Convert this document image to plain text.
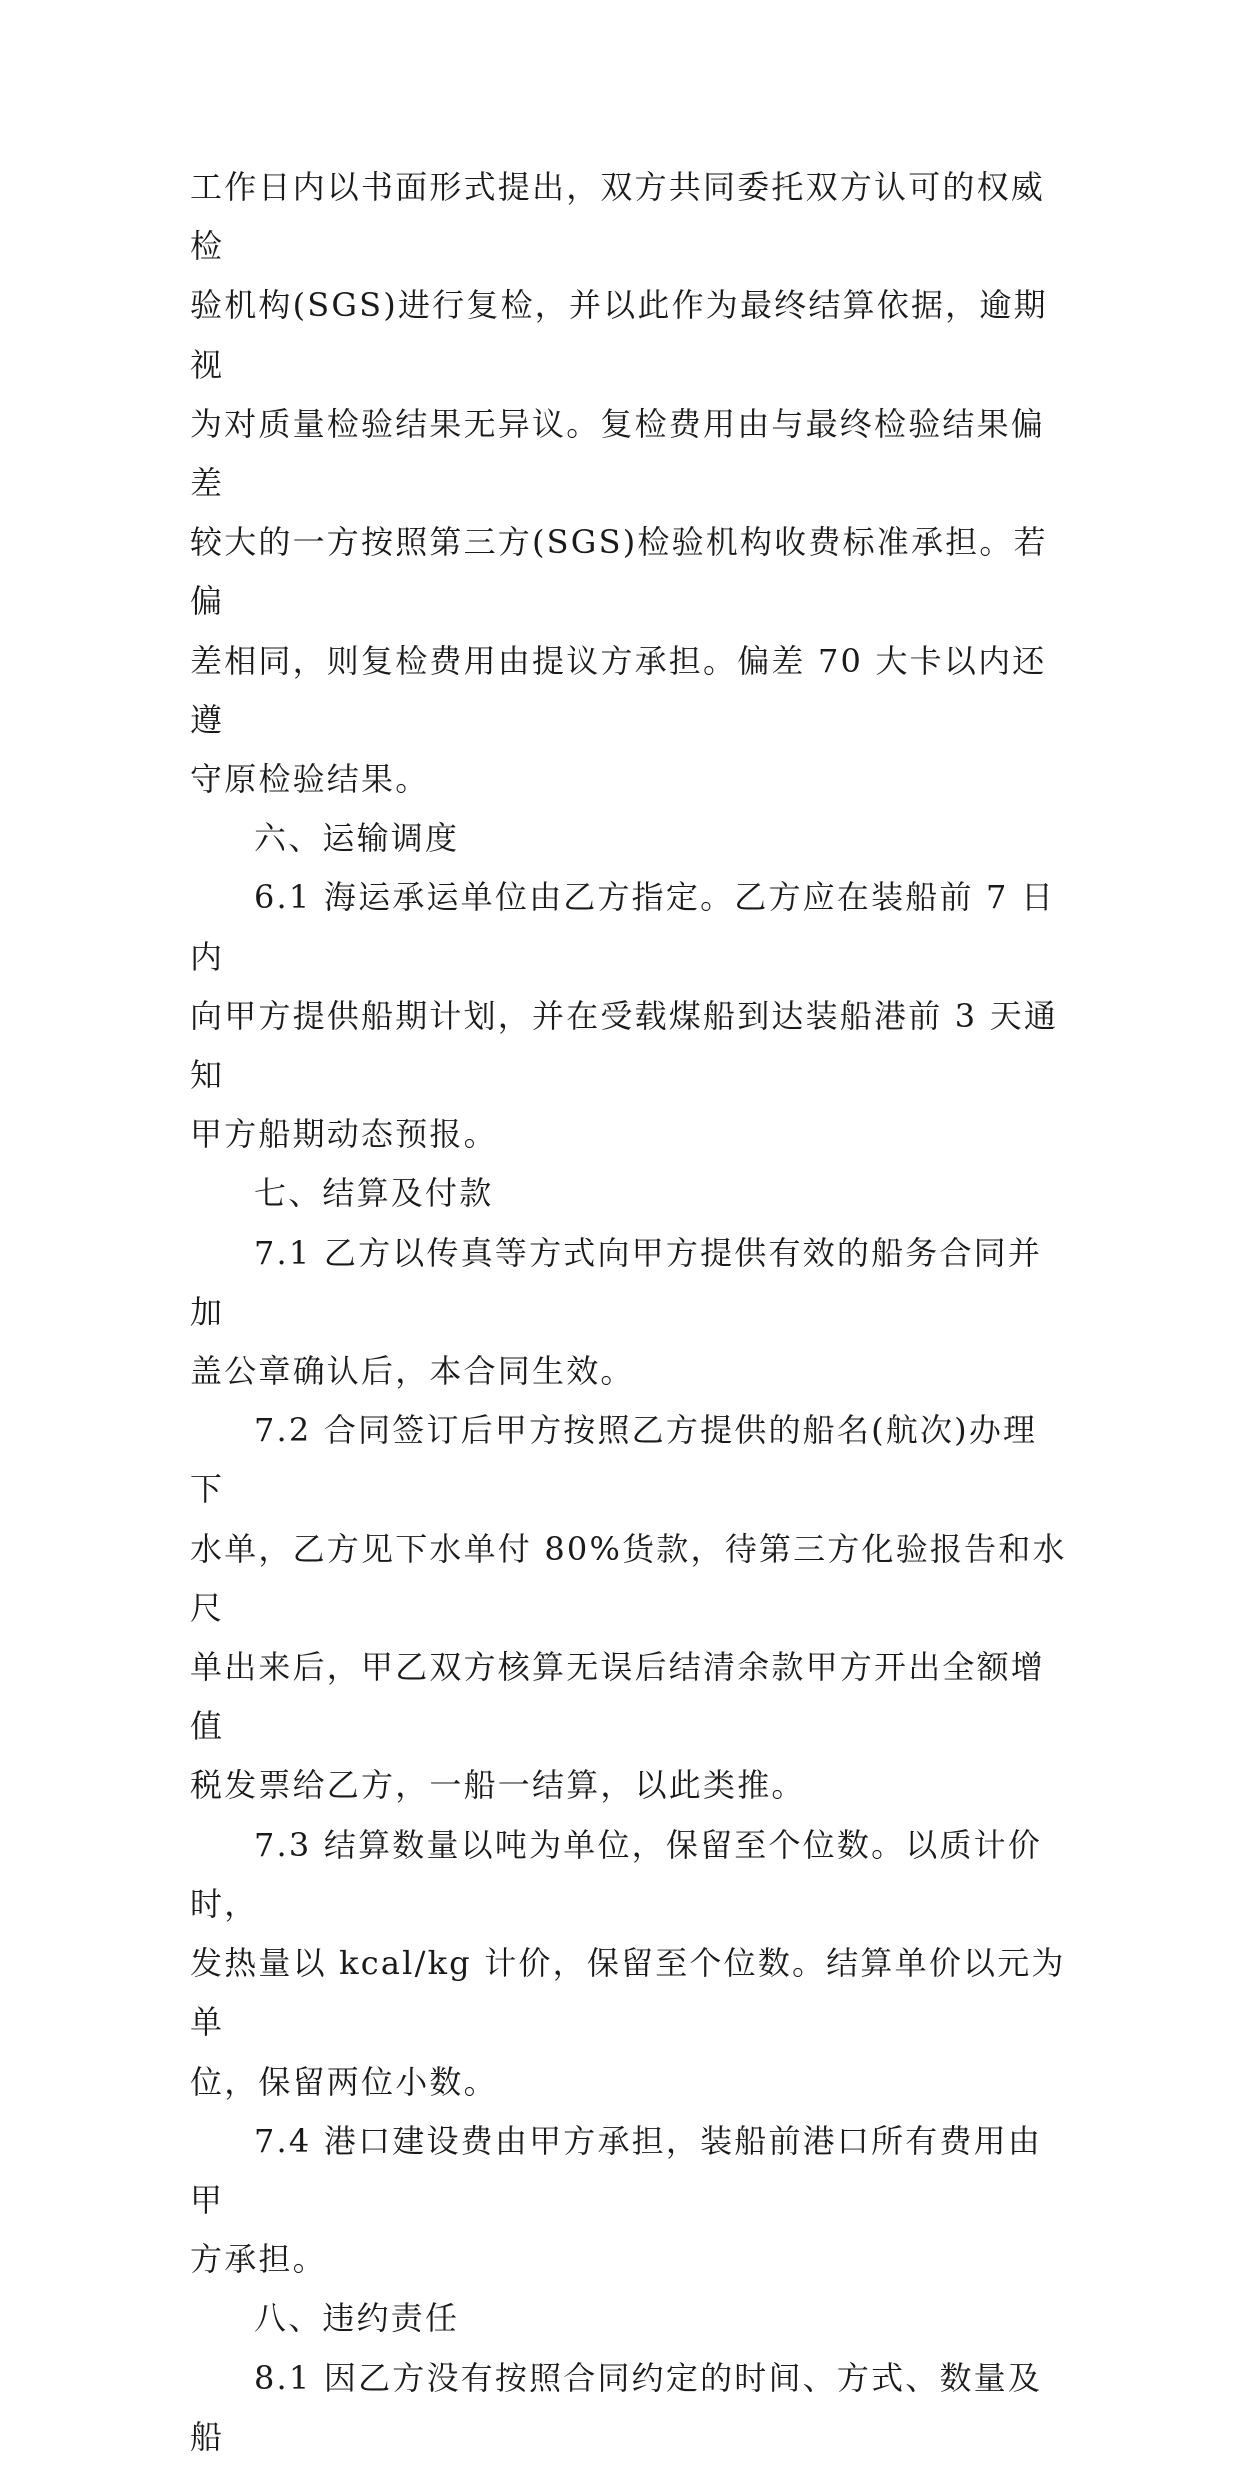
工作日内以书面形式提出，双方共同委托双方认可的权威检

验机构(SGS)进行复检，并以此作为最终结算依据，逾期视

为对质量检验结果无异议。复检费用由与最终检验结果偏差

较大的一方按照第三方(SGS)检验机构收费标准承担。若偏

差相同，则复检费用由提议方承担。偏差 70 大卡以内还遵

守原检验结果。

六、运输调度

6.1 海运承运单位由乙方指定。乙方应在装船前 7 日内

向甲方提供船期计划，并在受载煤船到达装船港前 3 天通知

甲方船期动态预报。

七、结算及付款

7.1 乙方以传真等方式向甲方提供有效的船务合同并加

盖公章确认后，本合同生效。

7.2 合同签订后甲方按照乙方提供的船名(航次)办理下

水单，乙方见下水单付 80%货款，待第三方化验报告和水尺

单出来后，甲乙双方核算无误后结清余款甲方开出全额增值

税发票给乙方，一船一结算，以此类推。

7.3 结算数量以吨为单位，保留至个位数。以质计价时，

发热量以 kcal/kg 计价，保留至个位数。结算单价以元为单

位，保留两位小数。

7.4 港口建设费由甲方承担，装船前港口所有费用由甲

方承担。

八、违约责任

8.1 因乙方没有按照合同约定的时间、方式、数量及船
